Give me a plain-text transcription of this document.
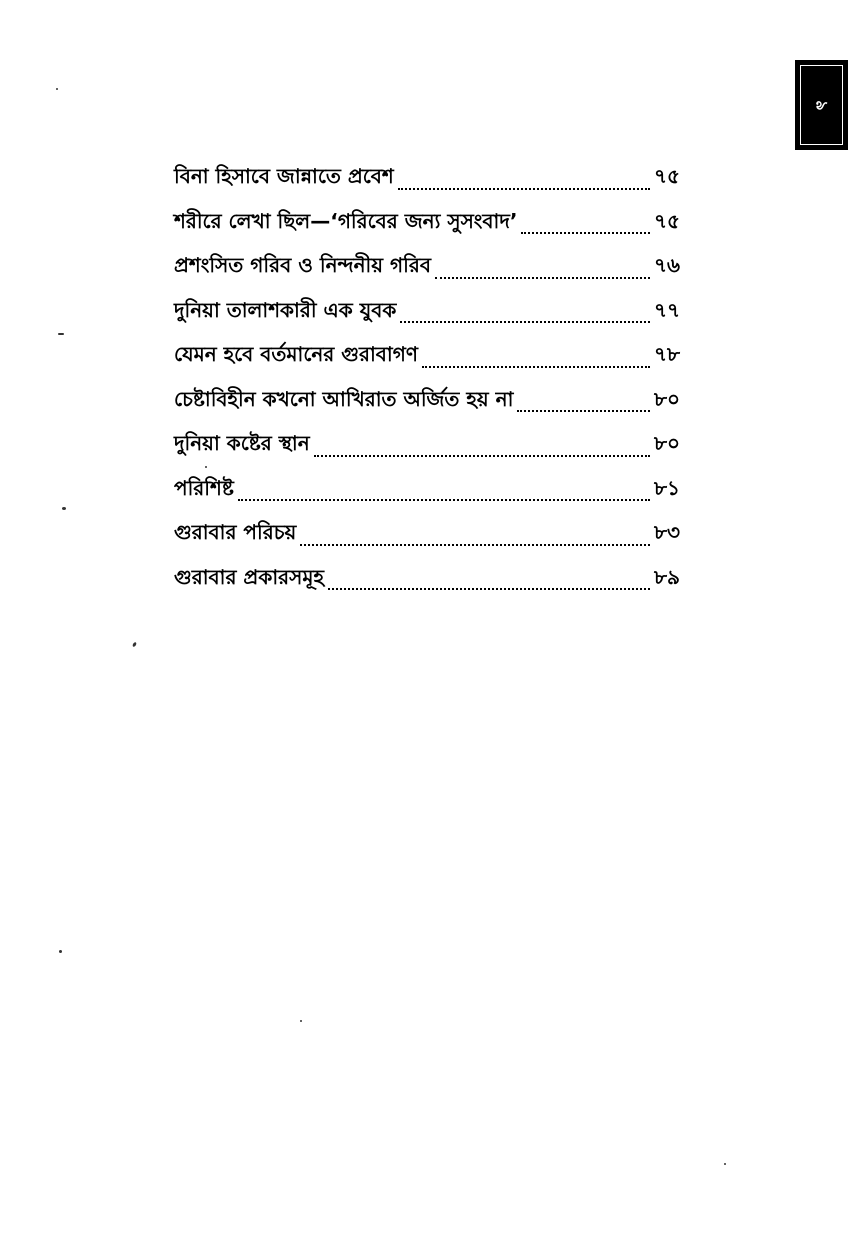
৯
বিনা হিসাবে জান্নাতে প্রবেশ	৭৫
শরীরে লেখা ছিল—‘গরিবের জন্য সুসংবাদ’	৭৫
প্রশংসিত গরিব ও নিন্দনীয় গরিব	৭৬
দুনিয়া তালাশকারী এক যুবক	৭৭
যেমন হবে বর্তমানের গুরাবাগণ	৭৮
চেষ্টাবিহীন কখনো আখিরাত অর্জিত হয় না	৮০
দুনিয়া কষ্টের স্থান	৮০
পরিশিষ্ট	৮১
গুরাবার পরিচয়	৮৩
গুরাবার প্রকারসমূহ	৮৯
